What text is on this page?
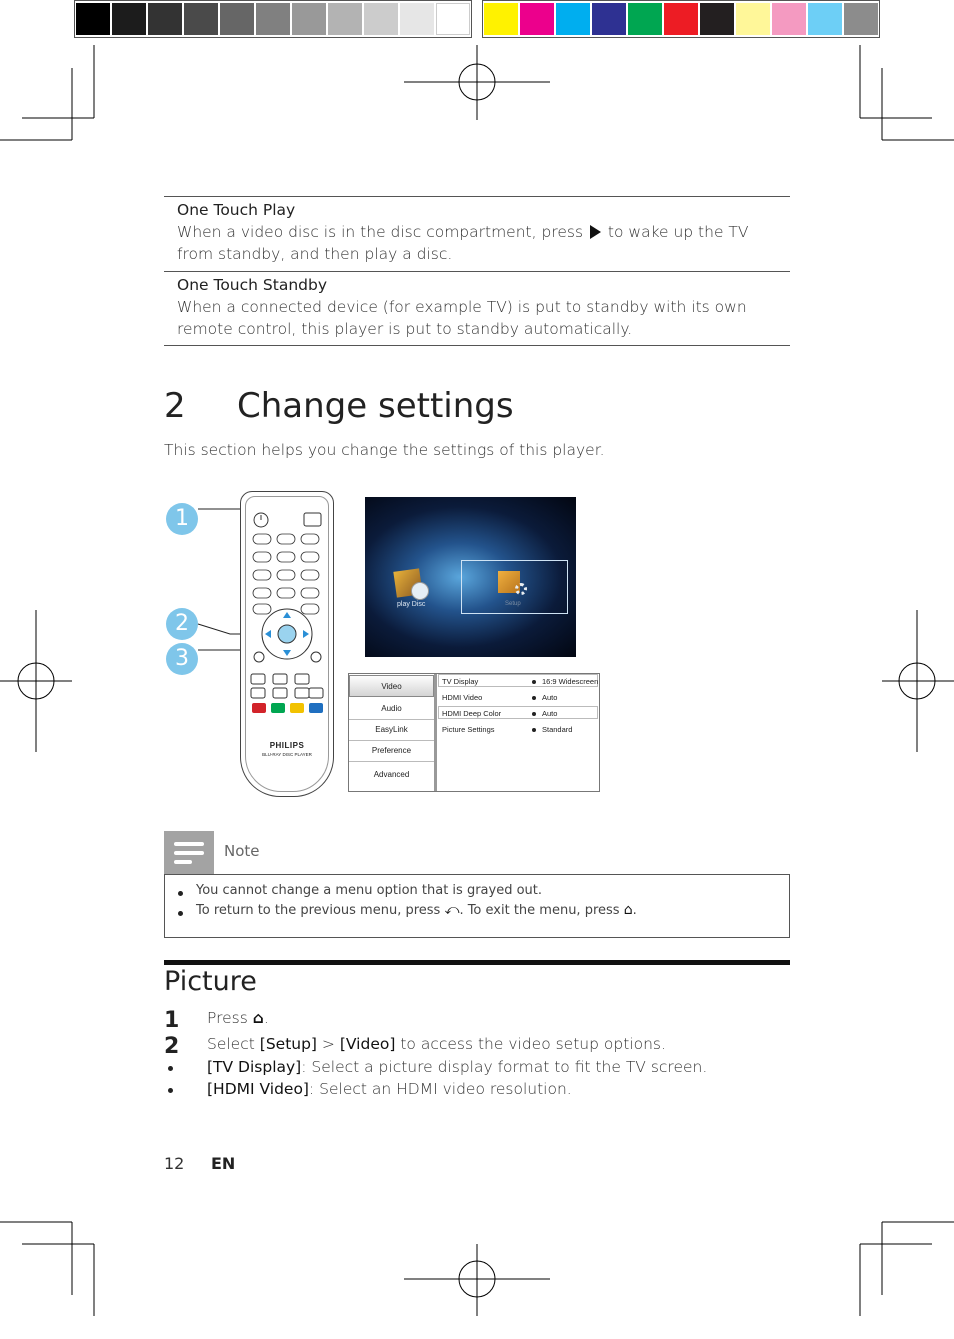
One Touch Play
When a video disc is in the disc compartment, press to wake up the TV from standby, and then play a disc.
One Touch Standby
When a connected device (for example TV) is put to standby with its own remote control, this player is put to standby automatically.
2 Change settings
This section helps you change the settings of this player.
1
2
3
PHILIPS
BLU-RAY DISC PLAYER
play Disc	Setup
Video
Audio
EasyLink
Preference
Advanced
TV Display	16:9 Widescreen
HDMI Video	Auto
HDMI Deep Color	Auto
Picture Settings	Standard
Note
You cannot change a menu option that is grayed out.
To return to the previous menu, press ⤺. To exit the menu, press ⌂.
Picture
1 Press ⌂.
2 Select [Setup] > [Video] to access the video setup options.
[TV Display]: Select a picture display format to fit the TV screen.
[HDMI Video]: Select an HDMI video resolution.
12 EN
